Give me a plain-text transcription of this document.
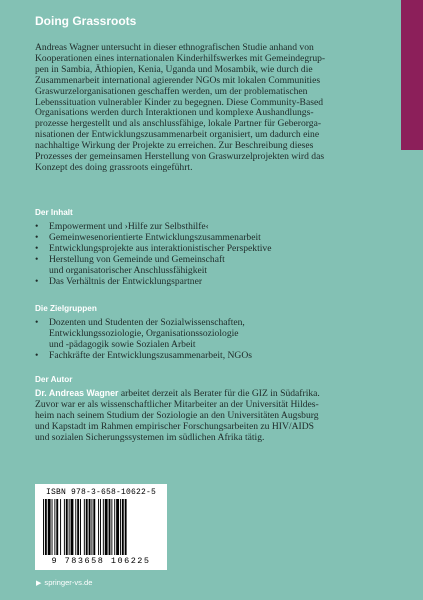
Doing Grassroots

Andreas Wagner untersucht in dieser ethnografischen Studie anhand von
Kooperationen eines internationalen Kinderhilfswerkes mit Gemeindegrup-
pen in Sambia, Äthiopien, Kenia, Uganda und Mosambik, wie durch die
Zusammenarbeit international agierender NGOs mit lokalen Communities
Graswurzelorganisationen geschaffen werden, um der problematischen
Lebenssituation vulnerabler Kinder zu begegnen. Diese Community-Based
Organisations werden durch Interaktionen und komplexe Aushandlungs-
prozesse hergestellt und als anschlussfähige, lokale Partner für Geberorga-
nisationen der Entwicklungszusammenarbeit organisiert, um dadurch eine
nachhaltige Wirkung der Projekte zu erreichen. Zur Beschreibung dieses
Prozesses der gemeinsamen Herstellung von Graswurzelprojekten wird das
Konzept des doing grassroots eingeführt.

Der Inhalt
• Empowerment und ›Hilfe zur Selbsthilfe‹
• Gemeinwesenorientierte Entwicklungszusammenarbeit
• Entwicklungsprojekte aus interaktionistischer Perspektive
• Herstellung von Gemeinde und Gemeinschaft
und organisatorischer Anschlussfähigkeit
• Das Verhältnis der Entwicklungspartner
Die Zielgruppen
• Dozenten und Studenten der Sozialwissenschaften,
Entwicklungssoziologie, Organisationssoziologie
und -pädagogik sowie Sozialen Arbeit
• Fachkräfte der Entwicklungszusammenarbeit, NGOs
Der Autor

Dr. Andreas Wagner arbeitet derzeit als Berater für die GIZ in Südafrika.
Zuvor war er als wissenschaftlicher Mitarbeiter an der Universität Hildes-
heim nach seinem Studium der Soziologie an den Universitäten Augsburg
und Kapstadt im Rahmen empirischer Forschungsarbeiten zu HIV/AIDS
und sozialen Sicherungssystemen im südlichen Afrika tätig.

ISBN 978-3-658-10622-5
9 783658 106225
▶ springer-vs.de
